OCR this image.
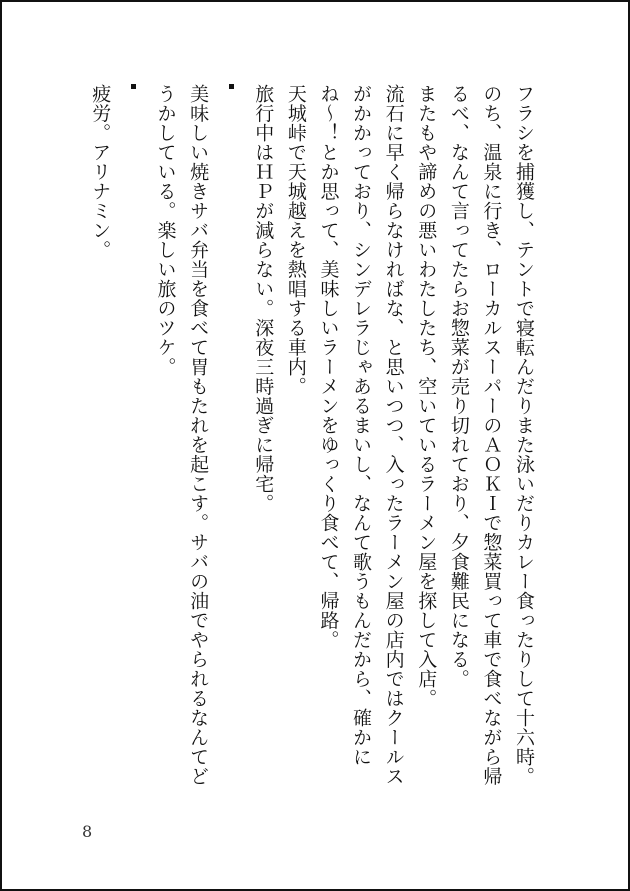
フラシを捕獲し、テントで寝転んだりまた泳いだりカレー食ったりして十六時。

のち、温泉に行き、ローカルスーパーのＡＯＫＩで惣菜買って車で食べながら帰

るべ、なんて言ってたらお惣菜が売り切れており、夕食難民になる。

またもや諦めの悪いわたしたち、空いているラーメン屋を探して入店。

流石に早く帰らなければな、と思いつつ、入ったラーメン屋の店内ではクールス

がかかっており、シンデレラじゃあるまいし、なんて歌うもんだから、確かに

ね～！とか思って、美味しいラーメンをゆっくり食べて、帰路。

天城峠で天城越えを熱唱する車内。

旅行中はＨＰが減らない。深夜三時過ぎに帰宅。

美味しい焼きサバ弁当を食べて胃もたれを起こす。サバの油でやられるなんてど

うかしている。楽しい旅のツケ。

疲労。アリナミン。

8
